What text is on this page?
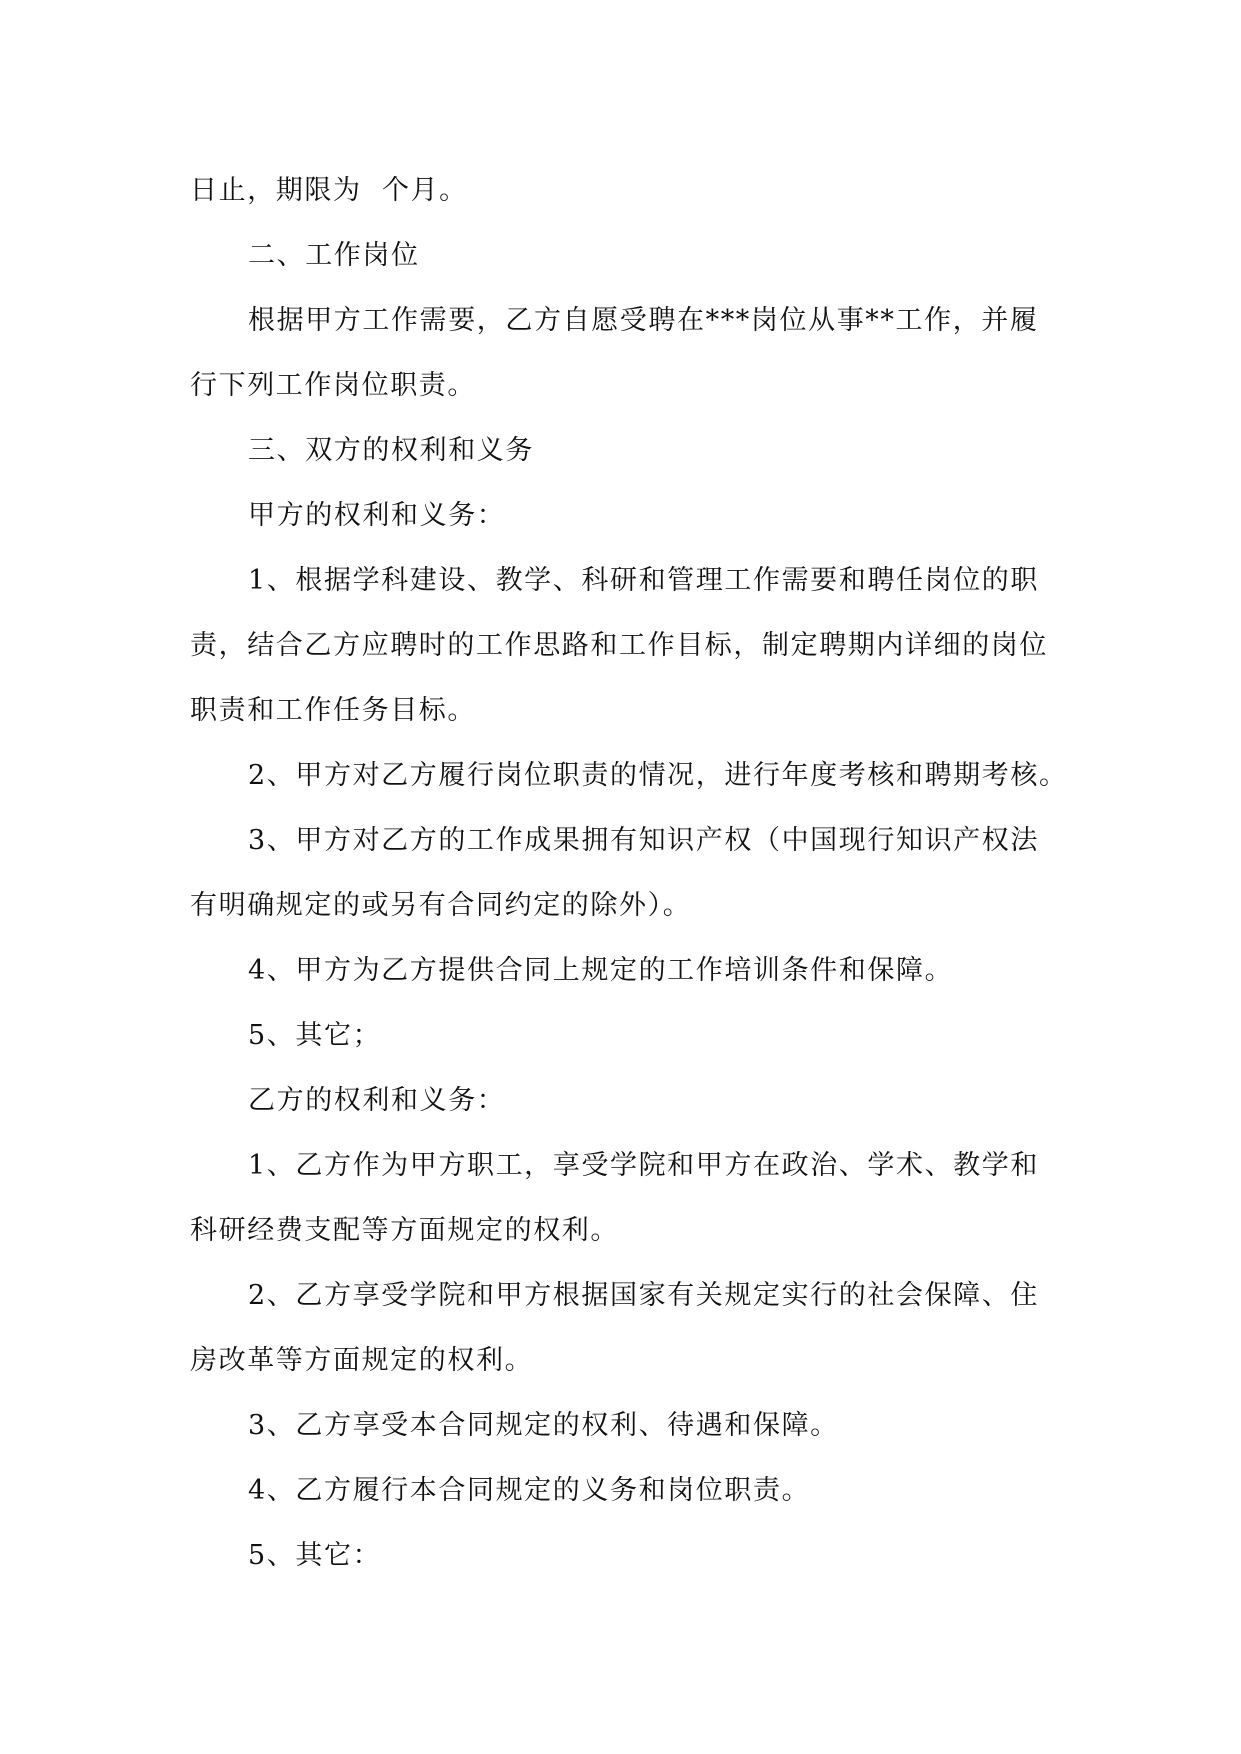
日止，期限为  个月。

二、工作岗位

根据甲方工作需要，乙方自愿受聘在***岗位从事**工作，并履

行下列工作岗位职责。

三、双方的权利和义务

甲方的权利和义务：

1、根据学科建设、教学、科研和管理工作需要和聘任岗位的职

责，结合乙方应聘时的工作思路和工作目标，制定聘期内详细的岗位

职责和工作任务目标。

2、甲方对乙方履行岗位职责的情况，进行年度考核和聘期考核。

3、甲方对乙方的工作成果拥有知识产权（中国现行知识产权法

有明确规定的或另有合同约定的除外）。

4、甲方为乙方提供合同上规定的工作培训条件和保障。

5、其它；

乙方的权利和义务：

1、乙方作为甲方职工，享受学院和甲方在政治、学术、教学和

科研经费支配等方面规定的权利。

2、乙方享受学院和甲方根据国家有关规定实行的社会保障、住

房改革等方面规定的权利。

3、乙方享受本合同规定的权利、待遇和保障。

4、乙方履行本合同规定的义务和岗位职责。

5、其它：
